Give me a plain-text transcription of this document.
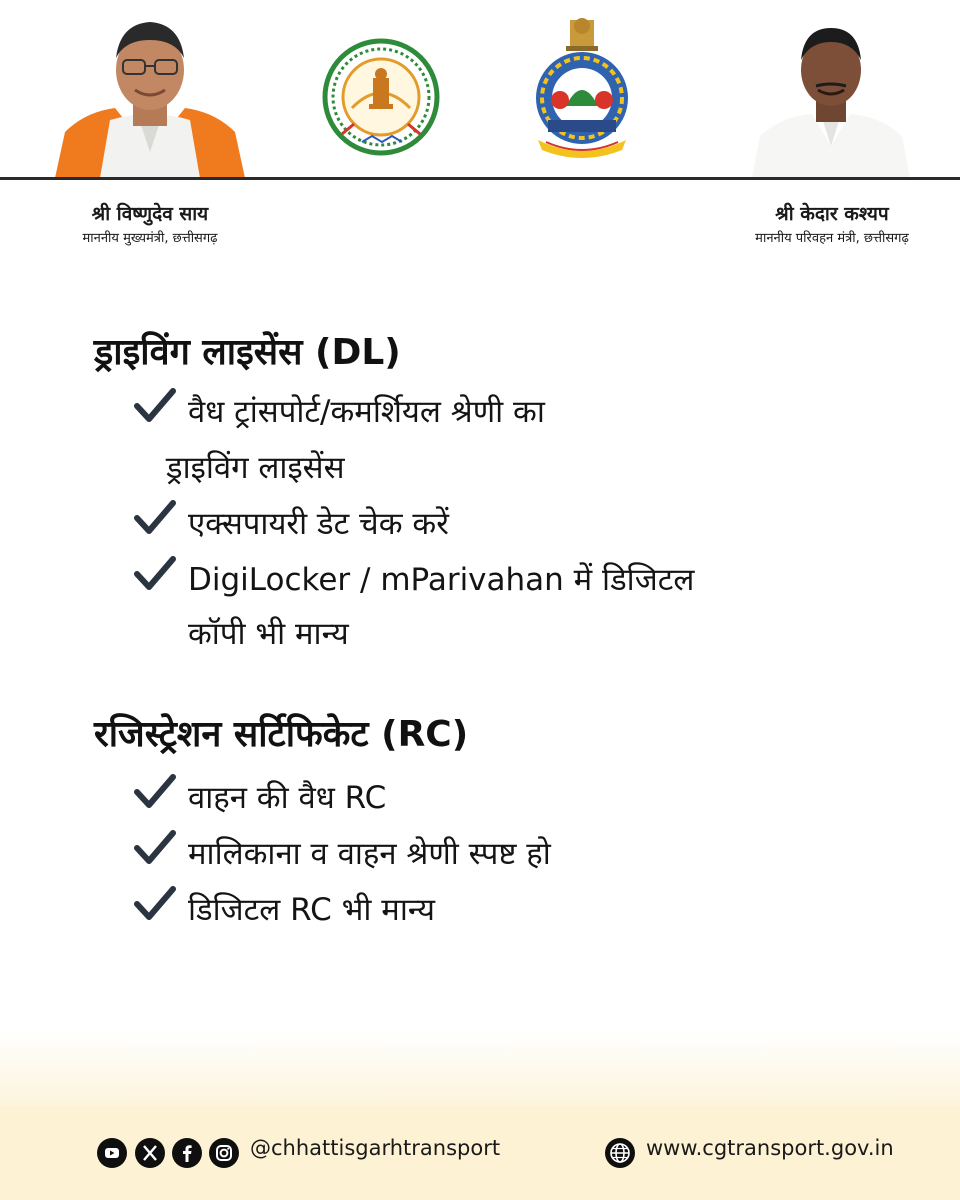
श्री विष्णुदेव साय
माननीय मुख्यमंत्री, छत्तीसगढ़
श्री केदार कश्यप
माननीय परिवहन मंत्री, छत्तीसगढ़
ड्राइविंग लाइसेंस (DL)
वैध ट्रांसपोर्ट/कमर्शियल श्रेणी का
ड्राइविंग लाइसेंस
एक्सपायरी डेट चेक करें
DigiLocker / mParivahan में डिजिटल
कॉपी भी मान्य
रजिस्ट्रेशन सर्टिफिकेट (RC)
वाहन की वैध RC
मालिकाना व वाहन श्रेणी स्पष्ट हो
डिजिटल RC भी मान्य
@chhattisgarhtransport	www.cgtransport.gov.in
